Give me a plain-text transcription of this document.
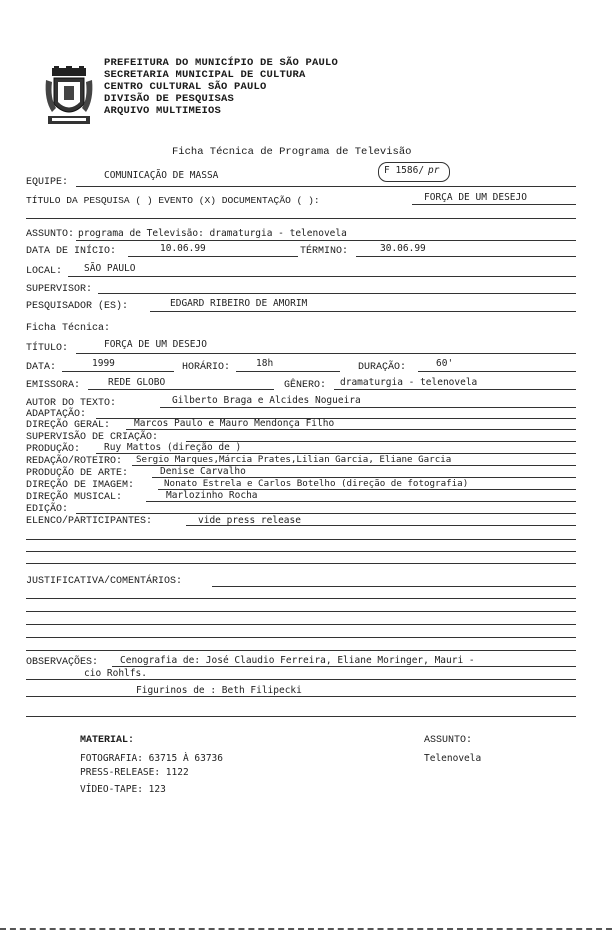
PREFEITURA DO MUNICÍPIO DE SÃO PAULO
SECRETARIA MUNICIPAL DE CULTURA
CENTRO CULTURAL SÃO PAULO
DIVISÃO DE PESQUISAS
ARQUIVO MULTIMEIOS
Ficha Técnica de Programa de Televisão
F 1586/ pr
EQUIPE:
COMUNICAÇÃO DE MASSA
TÍTULO DA PESQUISA ( ) EVENTO (X) DOCUMENTAÇÃO ( ):	FORÇA DE UM DESEJO
ASSUNTO: programa de Televisão: dramaturgia - telenovela
DATA DE INÍCIO:	10.06.99	TÉRMINO:	30.06.99
LOCAL: SÃO PAULO
SUPERVISOR:
PESQUISADOR (ES):	EDGARD RIBEIRO DE AMORIM
Ficha Técnica:
TÍTULO:	FORÇA DE UM DESEJO
DATA:	1999	HORÁRIO:	18h	DURAÇÃO:	60'
EMISSORA:	REDE GLOBO	GÊNERO: dramaturgia - telenovela
AUTOR DO TEXTO:	Gilberto Braga e Alcides Nogueira
ADAPTAÇÃO:
DIREÇÃO GERAL:	Marcos Paulo e Mauro Mendonça Filho
SUPERVISÃO DE CRIAÇÃO:
PRODUÇÃO:	Ruy Mattos (direção de )
REDAÇÃO/ROTEIRO: Sergio Marques,Márcia Prates,Lilian Garcia, Eliane Garcia
PRODUÇÃO DE ARTE:	Denise Carvalho
DIREÇÃO DE IMAGEM:	Nonato Estrela e Carlos Botelho (direção de fotografia)
DIREÇÃO MUSICAL:	Marlozinho Rocha
EDIÇÃO:
ELENCO/PARTICIPANTES:	vide press release
JUSTIFICATIVA/COMENTÁRIOS:
OBSERVAÇÕES: Cenografia de: José Claudio Ferreira, Eliane Moringer, Mauri -
cio Rohlfs.
Figurinos de : Beth Filipecki
MATERIAL:
FOTOGRAFIA: 63715 À 63736
PRESS-RELEASE: 1122
VÍDEO-TAPE: 123
ASSUNTO:
Telenovela
